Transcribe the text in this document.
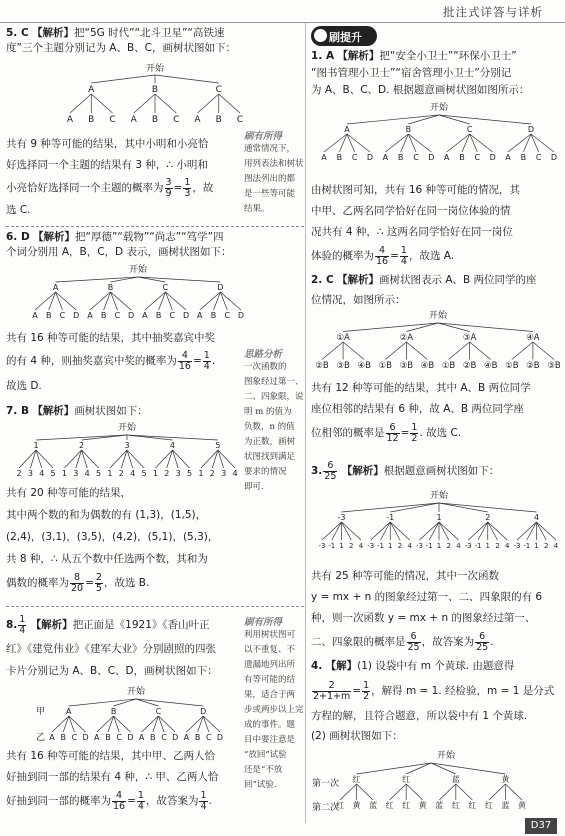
批注式详答与详析
5. C 【解析】把“5G 时代”“北斗卫星”“高铁速
度”三个主题分别记为 A、B、C，画树状图如下：
开始
A
A B C
B
A B C
C
A B C
共有 9 种等可能的结果，其中小明和小亮恰
好选择同一个主题的结果有 3 种，∴ 小明和
小亮恰好选择同一个主题的概率为 $\frac{3}{9} = \frac{1}{3}$ ，故
选 C.
刷有所得
通常情况下，
用列表法和树状
图法列出的都
是一些等可能
结果。
6. D 【解析】把“厚德”“载物”“尚志”“笃学”四
个词分别用 A，B，C，D 表示，画树状图如下：
开始
A
A B C D
B
A B C D
C
A B C D
D
A B C D
共有 16 种等可能的结果，其中抽奖嘉宾中奖
的有 4 种，则抽奖嘉宾中奖的概率为 $\frac{4}{16} = \frac{1}{4}$ .
故选 D.
思路分析
一次函数的
图象经过第一、
二、四象限，说
明 m 的值为
负数，n 的值
为正数，画树
状图找到满足
要求的情况
即可.
7. B 【解析】画树状图如下：
开始
1
2 3 4 5
2
1 3 4 5
3
1 2 4 5
4
1 2 3 5
5
1 2 3 4
共有 20 种等可能的结果，
其中两个数的和为偶数的有 (1,3)，(1,5)，
(2,4)，(3,1)，(3,5)，(4,2)，(5,1)，(5,3)，
共 8 种，∴ 从五个数中任选两个数，其和为
偶数的概率为 $\frac{8}{20} = \frac{2}{5}$ ，故选 B.
8. $\frac{1}{4}$ 【解析】把正面是《1921》《香山叶正
红》《建党伟业》《建军大业》分别剧照的四张
卡片分别记为 A、B、C、D，画树状图如下：
开始
甲
乙
A
A B C D
B
A B C D
C
A B C D
D
A B C D
共有 16 种等可能的结果，其中甲、乙两人恰
好抽到同一部的结果有 4 种，∴ 甲、乙两人恰
好抽到同一部的概率为 $\frac{4}{16} = \frac{1}{4}$ ，故答案为 $\frac{1}{4}$ .
刷有所得
利用树状图可
以不重复、不
遗漏地列出所
有等可能的结
果，适合于两
步或两步以上完
成的事件。题
目中要注意是
“放回”试验
还是“不放
回”试验.
刷提升
1. A 【解析】把“安全小卫士”“环保小卫士”
“图书管理小卫士”“宿舍管理小卫士”分别记
为 A、B、C、D. 根据题意画树状图如图所示：
开始
A
A B C D
B
A B C D
C
A B C D
D
A B C D
由树状图可知，共有 16 种等可能的情况，其
中甲、乙两名同学恰好在同一岗位体验的情
况共有 4 种，∴ 这两名同学恰好在同一岗位
体验的概率为 $\frac{4}{16} = \frac{1}{4}$ ，故选 A.
2. C 【解析】画树状图表示 A、B 两位同学的座
位情况，如图所示：
开始
①A
②B ③B ④B
②A
①B ③B ④B
③A
①B ②B ④B
④A
①B ②B ③B
共有 12 种等可能的结果，其中 A、B 两位同学
座位相邻的结果有 6 种，故 A、B 两位同学座
位相邻的概率是 $\frac{6}{12} = \frac{1}{2}$ . 故选 C.
3. $\frac{6}{25}$ 【解析】根据题意画树状图如下：
开始
-3
-3 -1 1 2 4
-1
-3 -1 1 2 4
1
-3 -1 1 2 4
2
-3 -1 1 2 4
4
-3 -1 1 2 4
共有 25 种等可能的情况，其中一次函数
y = mx + n 的图象经过第一、二、四象限的有 6
种，则一次函数 y = mx + n 的图象经过第一、
二、四象限的概率是 $\frac{6}{25}$ ，故答案为 $\frac{6}{25}$ .
4. 【解】(1) 设袋中有 m 个黄球. 由题意得
$\frac{2}{2+1+m} = \frac{1}{2}$ ，解得 m = 1. 经检验，m = 1 是分式
方程的解，且符合题意，所以袋中有 1 个黄球.
(2) 画树状图如下：
开始
红
红 黄 蓝
红
红 红 黄
蓝
蓝 红 红
黄
红 蓝 黄
第一次
第二次
D37
